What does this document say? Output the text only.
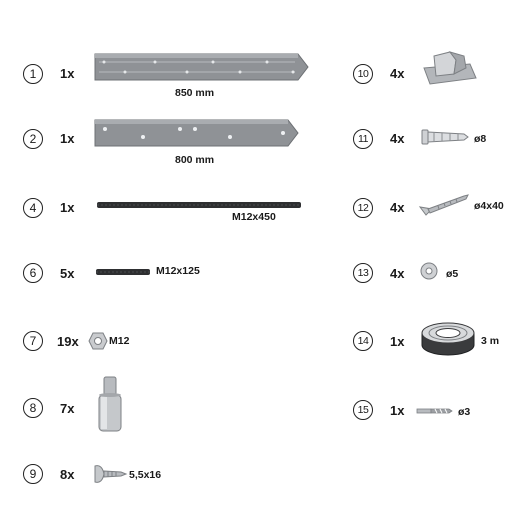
1	1x
850 mm
2	1x
800 mm
4	1x
M12x450
6	5x	M12x125
7	19x	M12
8	7x
9	8x	5,5x16
10	4x
11	4x	ø8
12	4x	ø4x40
13	4x	ø5
14	1x	3 m
15	1x	ø3
